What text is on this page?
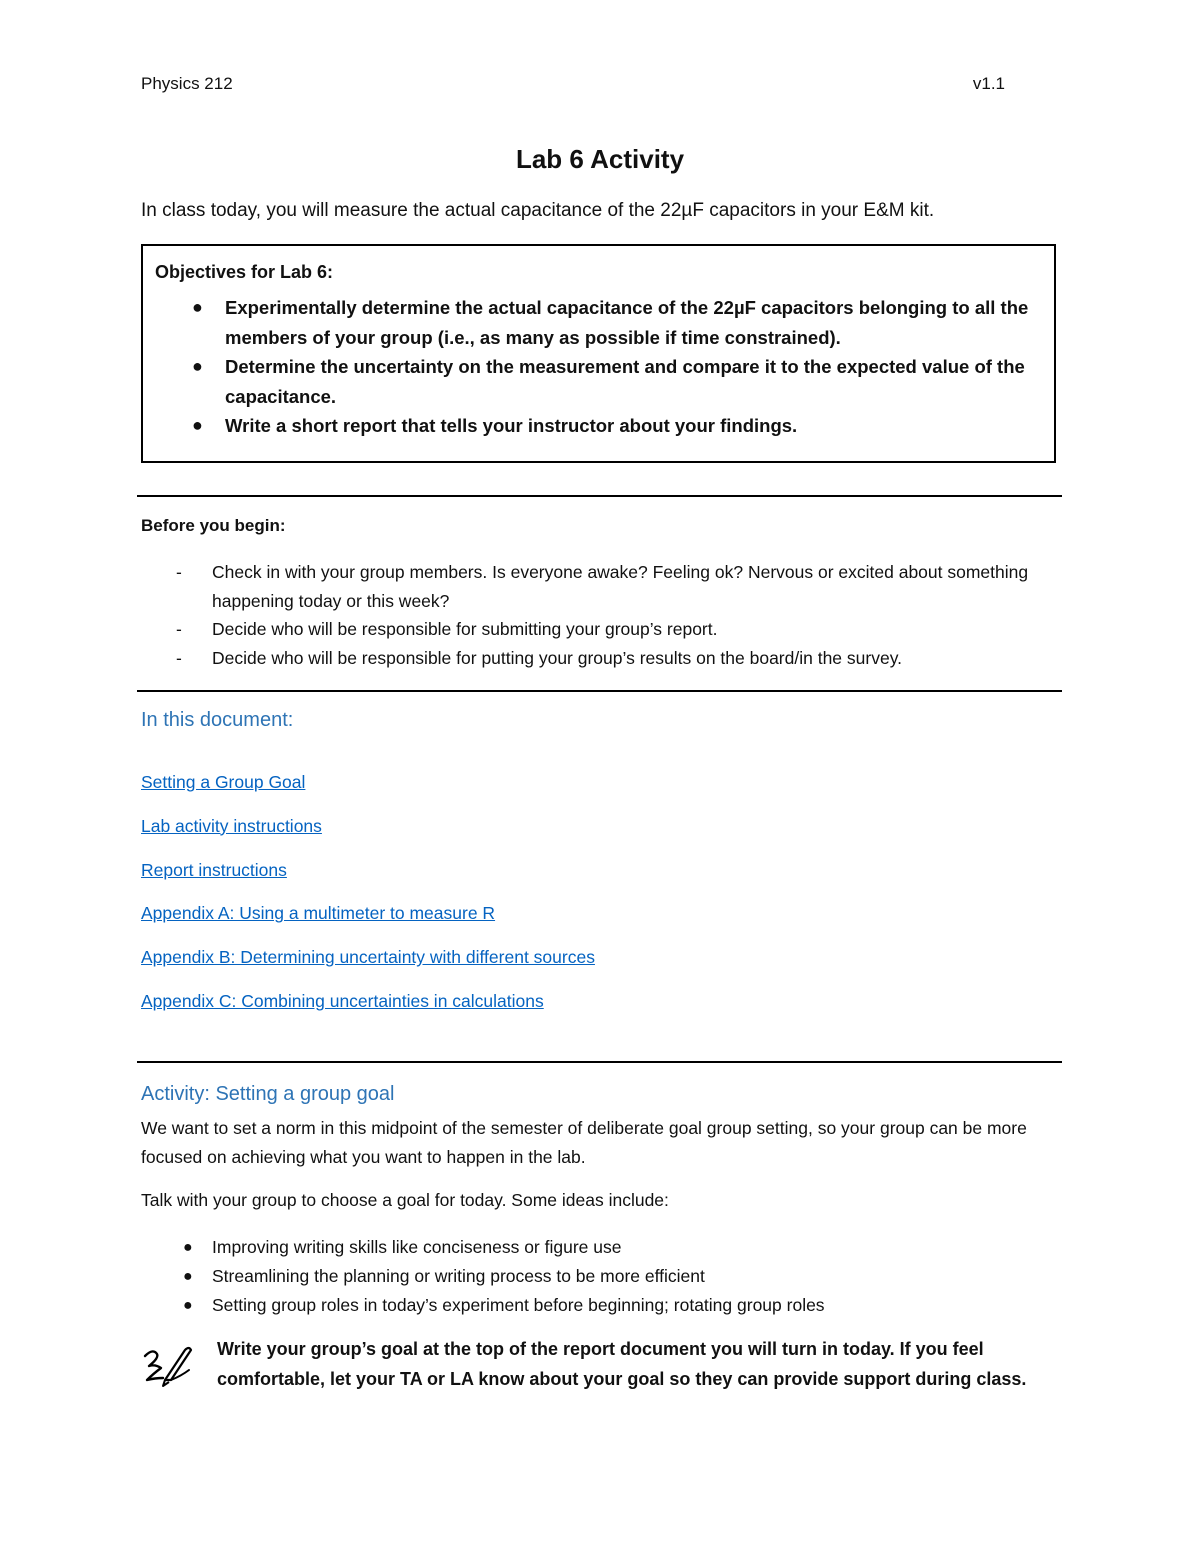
Physics 212	v1.1
Lab 6 Activity
In class today, you will measure the actual capacitance of the 22µF capacitors in your E&M kit.
Objectives for Lab 6:
● Experimentally determine the actual capacitance of the 22µF capacitors belonging to all the members of your group (i.e., as many as possible if time constrained).
● Determine the uncertainty on the measurement and compare it to the expected value of the capacitance.
● Write a short report that tells your instructor about your findings.
Before you begin:
- Check in with your group members. Is everyone awake? Feeling ok? Nervous or excited about something happening today or this week?
- Decide who will be responsible for submitting your group’s report.
- Decide who will be responsible for putting your group’s results on the board/in the survey.
In this document:
Setting a Group Goal
Lab activity instructions
Report instructions
Appendix A: Using a multimeter to measure R
Appendix B: Determining uncertainty with different sources
Appendix C: Combining uncertainties in calculations
Activity: Setting a group goal

We want to set a norm in this midpoint of the semester of deliberate goal group setting, so your group can be more focused on achieving what you want to happen in the lab.

Talk with your group to choose a goal for today. Some ideas include:

● Improving writing skills like conciseness or figure use
● Streamlining the planning or writing process to be more efficient
● Setting group roles in today’s experiment before beginning; rotating group roles
Write your group’s goal at the top of the report document you will turn in today. If you feel comfortable, let your TA or LA know about your goal so they can provide support during class.
